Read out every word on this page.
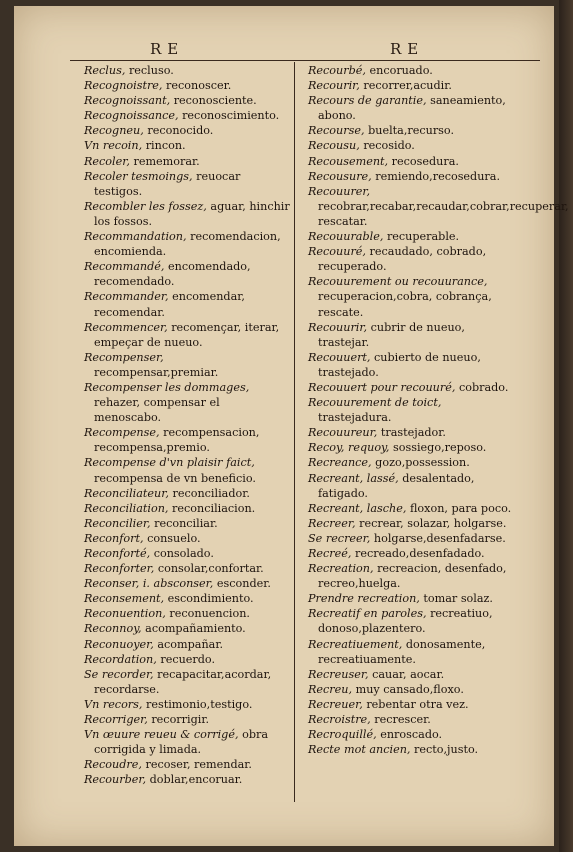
RE	RE
Reclus, recluso.
Recognoistre, reconoscer.
Recognoissant, reconosciente.
Recognoissance, reconoscimiento.
Recogneu, reconocido.
Vn recoin, rincon.
Recoler, rememorar.
Recoler tesmoings, reuocar testigos.
Recombler les fossez, aguar, hinchir los fossos.
Recommandation, recomendacion, encomienda.
Recommandé, encomendado, recomendado.
Recommander, encomendar, recomendar.
Recommencer, recomençar, iterar, empeçar de nueuo.
Recompenser, recompensar,premiar.
Recompenser les dommages, rehazer, compensar el menoscabo.
Recompense, recompensacion, recompensa,premio.
Recompense d'vn plaisir faict, recompensa de vn beneficio.
Reconciliateur, reconciliador.
Reconciliation, reconciliacion.
Reconcilier, reconciliar.
Reconfort, consuelo.
Reconforté, consolado.
Reconforter, consolar,confortar.
Reconser, i. absconser, esconder.
Reconsement, escondimiento.
Reconuention, reconuencion.
Reconnoy, acompañamiento.
Reconuoyer, acompañar.
Recordation, recuerdo.
Se recorder, recapacitar,acordar, recordarse.
Vn recors, restimonio,testigo.
Recorriger, recorrigir.
Vn œuure reueu & corrigé, obra corrigida y limada.
Recoudre, recoser, remendar.
Recourber, doblar,encoruar.
Recourbé, encoruado.
Recourir, recorrer,acudir.
Recours de garantie, saneamiento, abono.
Recourse, buelta,recurso.
Recousu, recosido.
Recousement, recosedura.
Recousure, remiendo,recosedura.
Recouurer, recobrar,recabar,recaudar,cobrar,recuperar, rescatar.
Recouurable, recuperable.
Recouuré, recaudado, cobrado, recuperado.
Recouurement ou recouurance, recuperacion,cobra, cobrança, rescate.
Recouurir, cubrir de nueuo, trastejar.
Recouuert, cubierto de nueuo, trastejado.
Recouuert pour recouuré, cobrado.
Recouurement de toict, trastejadura.
Recouureur, trastejador.
Recoy, requoy, sossiego,reposo.
Recreance, gozo,possession.
Recreant, lassé, desalentado, fatigado.
Recreant, lasche, floxon, para poco.
Recreer, recrear, solazar, holgarse.
Se recreer, holgarse,desenfadarse.
Recreé, recreado,desenfadado.
Recreation, recreacion, desenfado, recreo,huelga.
Prendre recreation, tomar solaz.
Recreatif en paroles, recreatiuo, donoso,plazentero.
Recreatiuement, donosamente, recreatiuamente.
Recreuser, cauar, aocar.
Recreu, muy cansado,floxo.
Recreuer, rebentar otra vez.
Recroistre, recrescer.
Recroquillé, enroscado.
Recte mot ancien, recto,justo.
